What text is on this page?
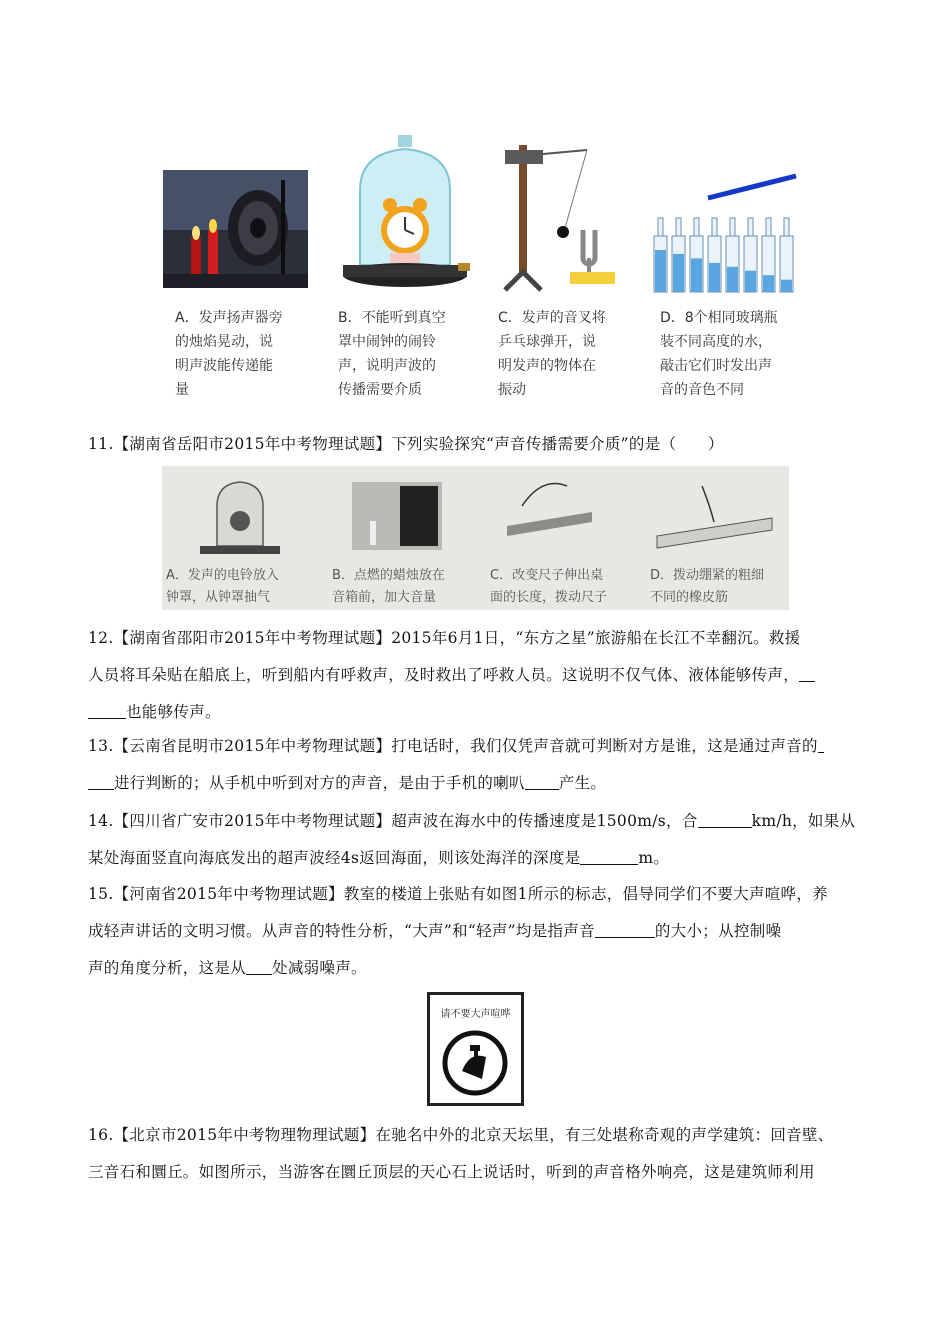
A．发声扬声器旁
的烛焰晃动，说
明声波能传递能
量
B．不能听到真空
罩中闹钟的闹铃
声，说明声波的
传播需要介质
C．发声的音叉将
乒乓球弹开，说
明发声的物体在
振动
D．8个相同玻璃瓶
装不同高度的水，
敲击它们时发出声
音的音色不同
11.【湖南省岳阳市2015年中考物理试题】下列实验探究“声音传播需要介质”的是（　　）
A．发声的电铃放入
钟罩，从钟罩抽气
B．点燃的蜡烛放在
音箱前，加大音量
C．改变尺子伸出桌
面的长度，拨动尺子
D．拨动绷紧的粗细
不同的橡皮筋
12.【湖南省邵阳市2015年中考物理试题】2015年6月1日，“东方之星”旅游船在长江不幸翻沉。救援
人员将耳朵贴在船底上，听到船内有呼救声，及时救出了呼救人员。这说明不仅气体、液体能够传声，
也能够传声。
13.【云南省昆明市2015年中考物理试题】打电话时，我们仅凭声音就可判断对方是谁，这是通过声音的
进行判断的；从手机中听到对方的声音，是由于手机的喇叭 产生。
14.【四川省广安市2015年中考物理试题】超声波在海水中的传播速度是1500m/s，合	km/h，如果从
某处海面竖直向海底发出的超声波经4s返回海面，则该处海洋的深度是	m。
15.【河南省2015年中考物理试题】教室的楼道上张贴有如图1所示的标志，倡导同学们不要大声喧哗，养
成轻声讲话的文明习惯。从声音的特性分析，“大声”和“轻声”均是指声音	的大小；从控制噪
声的角度分析，这是从 处减弱噪声。
请不要大声喧哗
16.【北京市2015年中考物理物理试题】在驰名中外的北京天坛里，有三处堪称奇观的声学建筑：回音壁、
三音石和圜丘。如图所示，当游客在圜丘顶层的天心石上说话时，听到的声音格外响亮，这是建筑师利用
